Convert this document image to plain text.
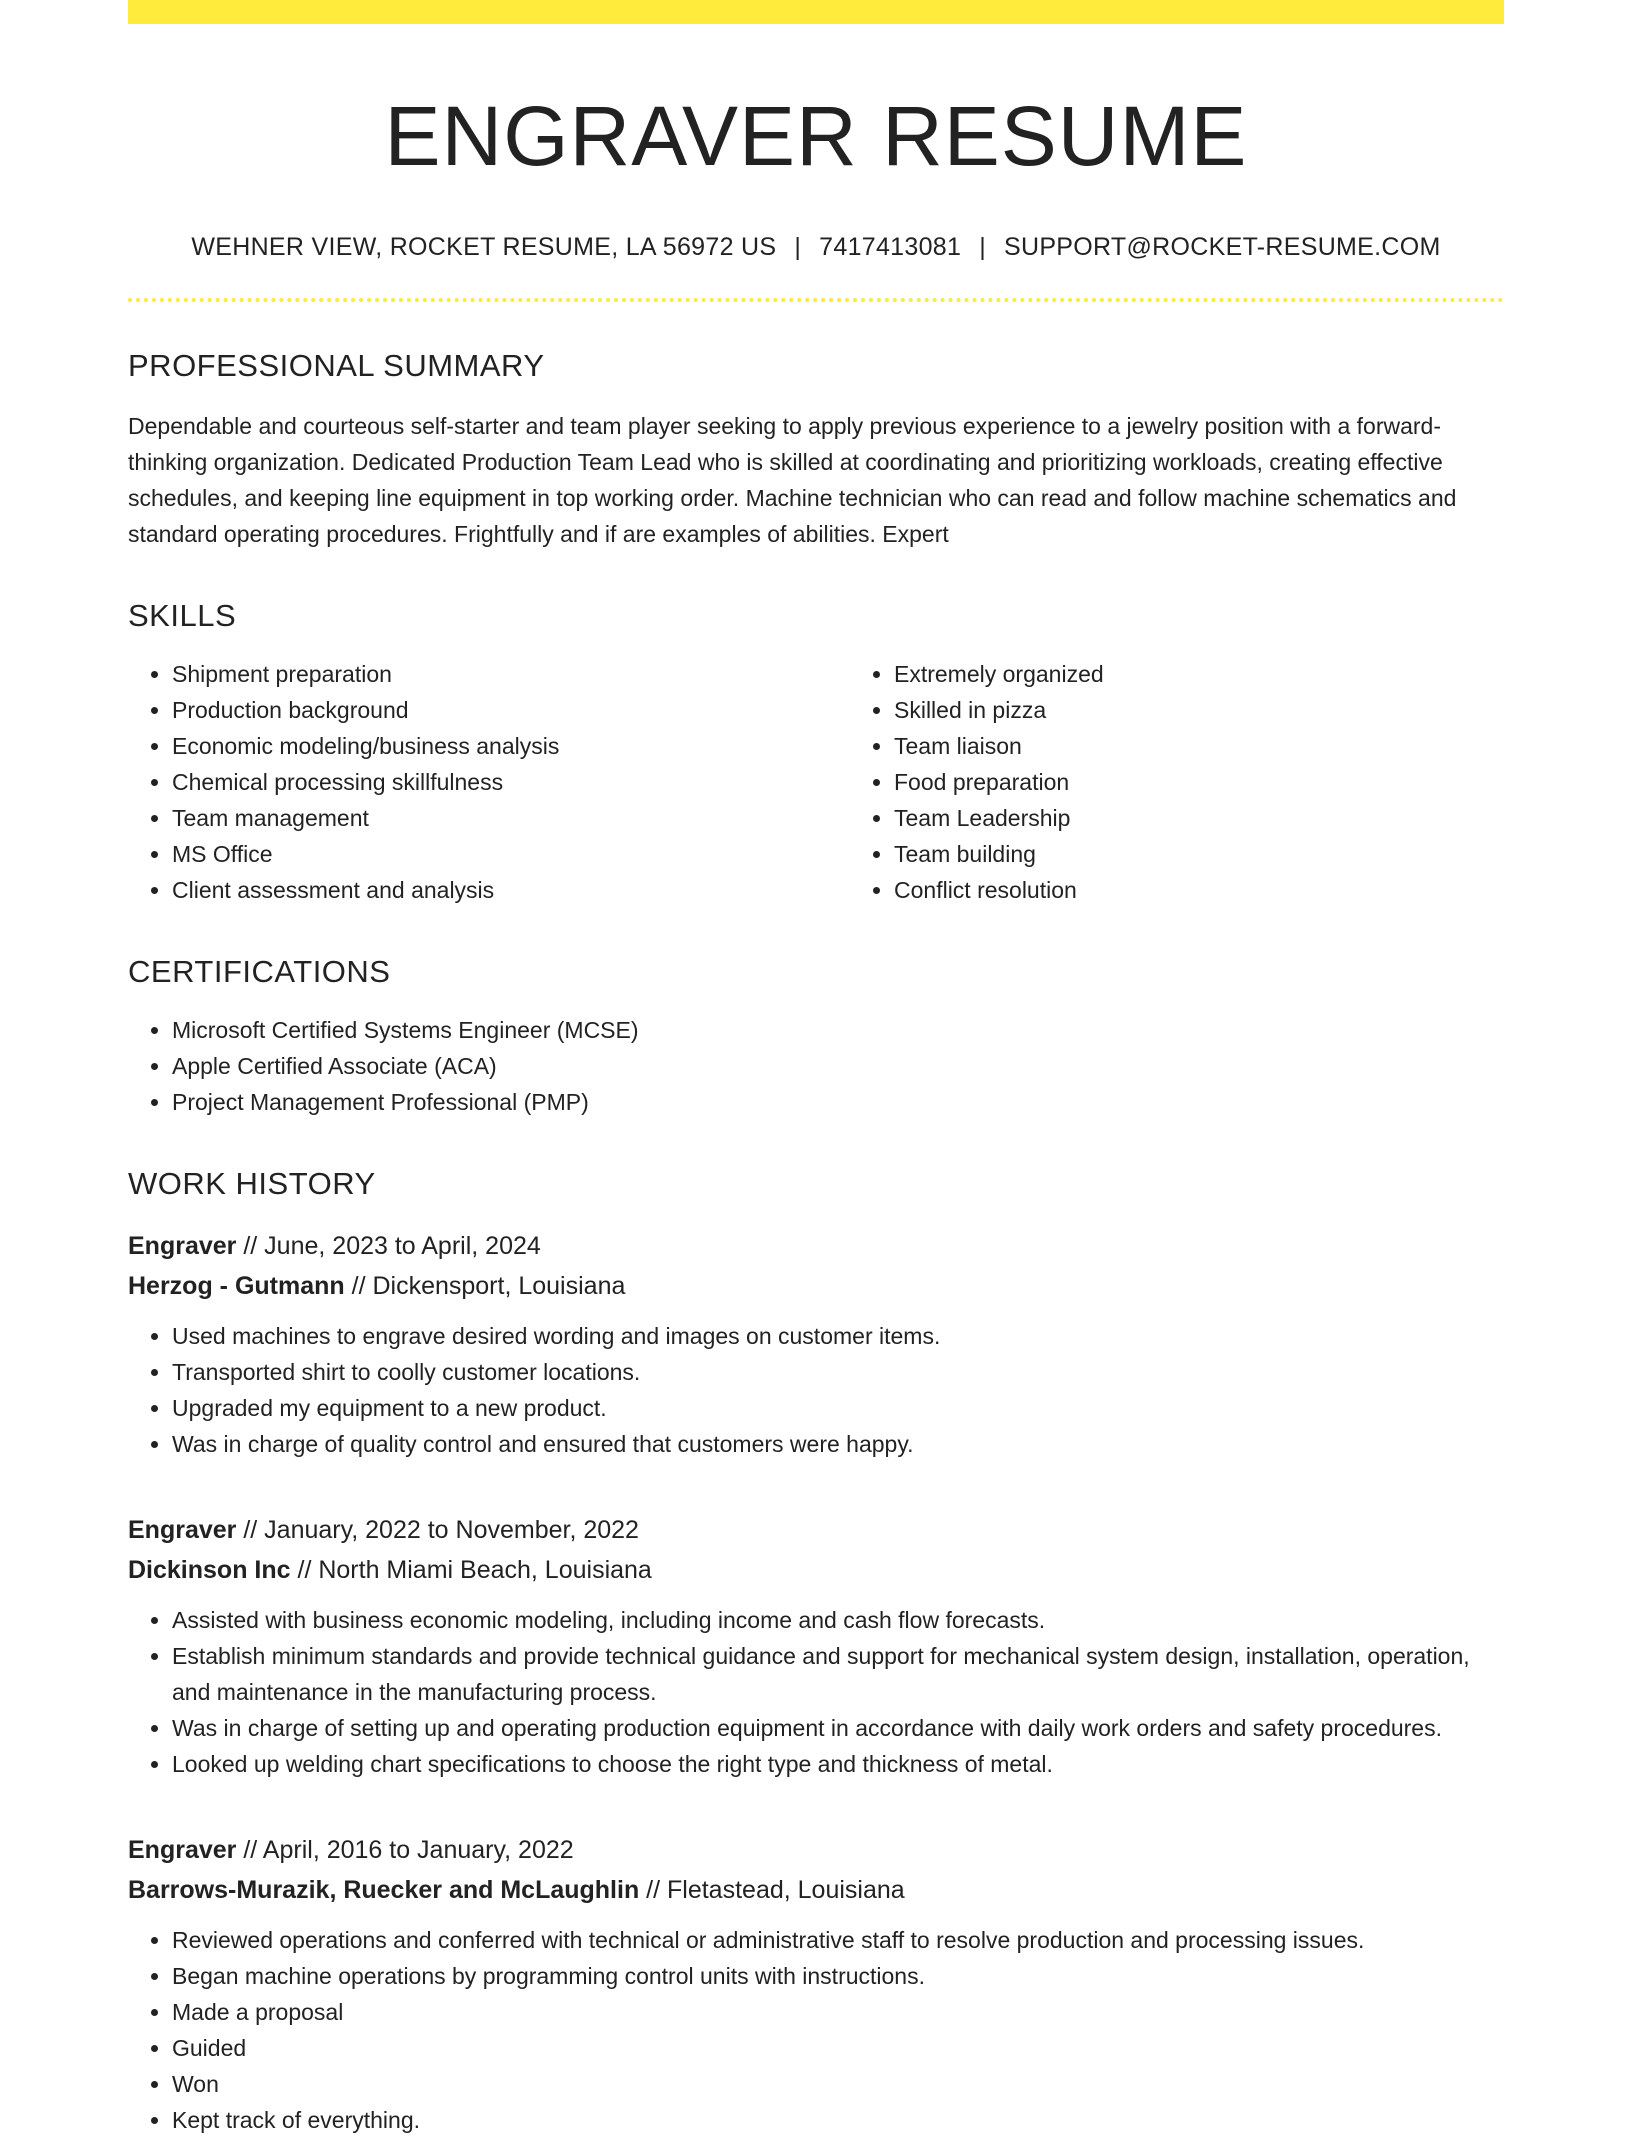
ENGRAVER RESUME
WEHNER VIEW, ROCKET RESUME, LA 56972 US | 7417413081 | SUPPORT@ROCKET-RESUME.COM
PROFESSIONAL SUMMARY

Dependable and courteous self-starter and team player seeking to apply previous experience to a jewelry position with a forward-thinking organization. Dedicated Production Team Lead who is skilled at coordinating and prioritizing workloads, creating effective schedules, and keeping line equipment in top working order. Machine technician who can read and follow machine schematics and standard operating procedures. Frightfully and if are examples of abilities. Expert

SKILLS
• Shipment preparation
• Production background
• Economic modeling/business analysis
• Chemical processing skillfulness
• Team management
• MS Office
• Client assessment and analysis
• Extremely organized
• Skilled in pizza
• Team liaison
• Food preparation
• Team Leadership
• Team building
• Conflict resolution
CERTIFICATIONS
• Microsoft Certified Systems Engineer (MCSE)
• Apple Certified Associate (ACA)
• Project Management Professional (PMP)
WORK HISTORY
Engraver // June, 2023 to April, 2024
Herzog - Gutmann // Dickensport, Louisiana
• Used machines to engrave desired wording and images on customer items.
• Transported shirt to coolly customer locations.
• Upgraded my equipment to a new product.
• Was in charge of quality control and ensured that customers were happy.
Engraver // January, 2022 to November, 2022
Dickinson Inc // North Miami Beach, Louisiana
• Assisted with business economic modeling, including income and cash flow forecasts.
• Establish minimum standards and provide technical guidance and support for mechanical system design, installation, operation, and maintenance in the manufacturing process.
• Was in charge of setting up and operating production equipment in accordance with daily work orders and safety procedures.
• Looked up welding chart specifications to choose the right type and thickness of metal.
Engraver // April, 2016 to January, 2022
Barrows-Murazik, Ruecker and McLaughlin // Fletastead, Louisiana
• Reviewed operations and conferred with technical or administrative staff to resolve production and processing issues.
• Began machine operations by programming control units with instructions.
• Made a proposal
• Guided
• Won
• Kept track of everything.
